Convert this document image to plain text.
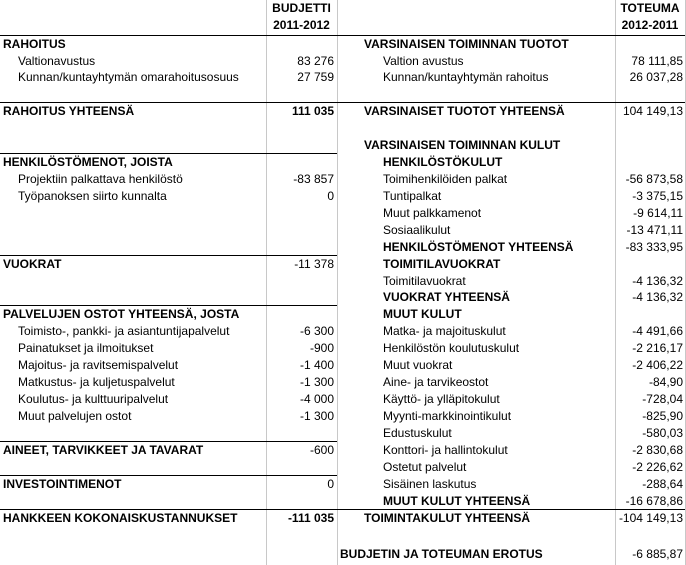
BUDJETTI
2011-2012
TOTEUMA
2012-2011
RAHOITUS
Valtionavustus	83 276
Kunnan/kuntayhtymän omarahoitusosuus	27 759
RAHOITUS YHTEENSÄ	111 035
HENKILÖSTÖMENOT, JOISTA
Projektiin palkattava henkilöstö	-83 857
Työpanoksen siirto kunnalta	0
VUOKRAT	-11 378
PALVELUJEN OSTOT YHTEENSÄ, JOSTA
Toimisto-, pankki- ja asiantuntijapalvelut	-6 300
Painatukset ja ilmoitukset	-900
Majoitus- ja ravitsemispalvelut	-1 400
Matkustus- ja kuljetuspalvelut	-1 300
Koulutus- ja kulttuuripalvelut	-4 000
Muut palvelujen ostot	-1 300
AINEET, TARVIKKEET JA TAVARAT	-600
INVESTOINTIMENOT	0
HANKKEEN KOKONAISKUSTANNUKSET	-111 035
VARSINAISEN TOIMINNAN TUOTOT
Valtion avustus	78 111,85
Kunnan/kuntayhtymän rahoitus	26 037,28
VARSINAISET TUOTOT YHTEENSÄ	104 149,13
VARSINAISEN TOIMINNAN KULUT
HENKILÖSTÖKULUT
Toimihenkilöiden palkat	-56 873,58
Tuntipalkat	-3 375,15
Muut palkkamenot	-9 614,11
Sosiaalikulut	-13 471,11
HENKILÖSTÖMENOT YHTEENSÄ	-83 333,95
TOIMITILAVUOKRAT
Toimitilavuokrat	-4 136,32
VUOKRAT YHTEENSÄ	-4 136,32
MUUT KULUT
Matka- ja majoituskulut	-4 491,66
Henkilöstön koulutuskulut	-2 216,17
Muut vuokrat	-2 406,22
Aine- ja tarvikeostot	-84,90
Käyttö- ja ylläpitokulut	-728,04
Myynti-markkinointikulut	-825,90
Edustuskulut	-580,03
Konttori- ja hallintokulut	-2 830,68
Ostetut palvelut	-2 226,62
Sisäinen laskutus	-288,64
MUUT KULUT YHTEENSÄ	-16 678,86
TOIMINTAKULUT YHTEENSÄ	-104 149,13
BUDJETIN JA TOTEUMAN EROTUS	-6 885,87
